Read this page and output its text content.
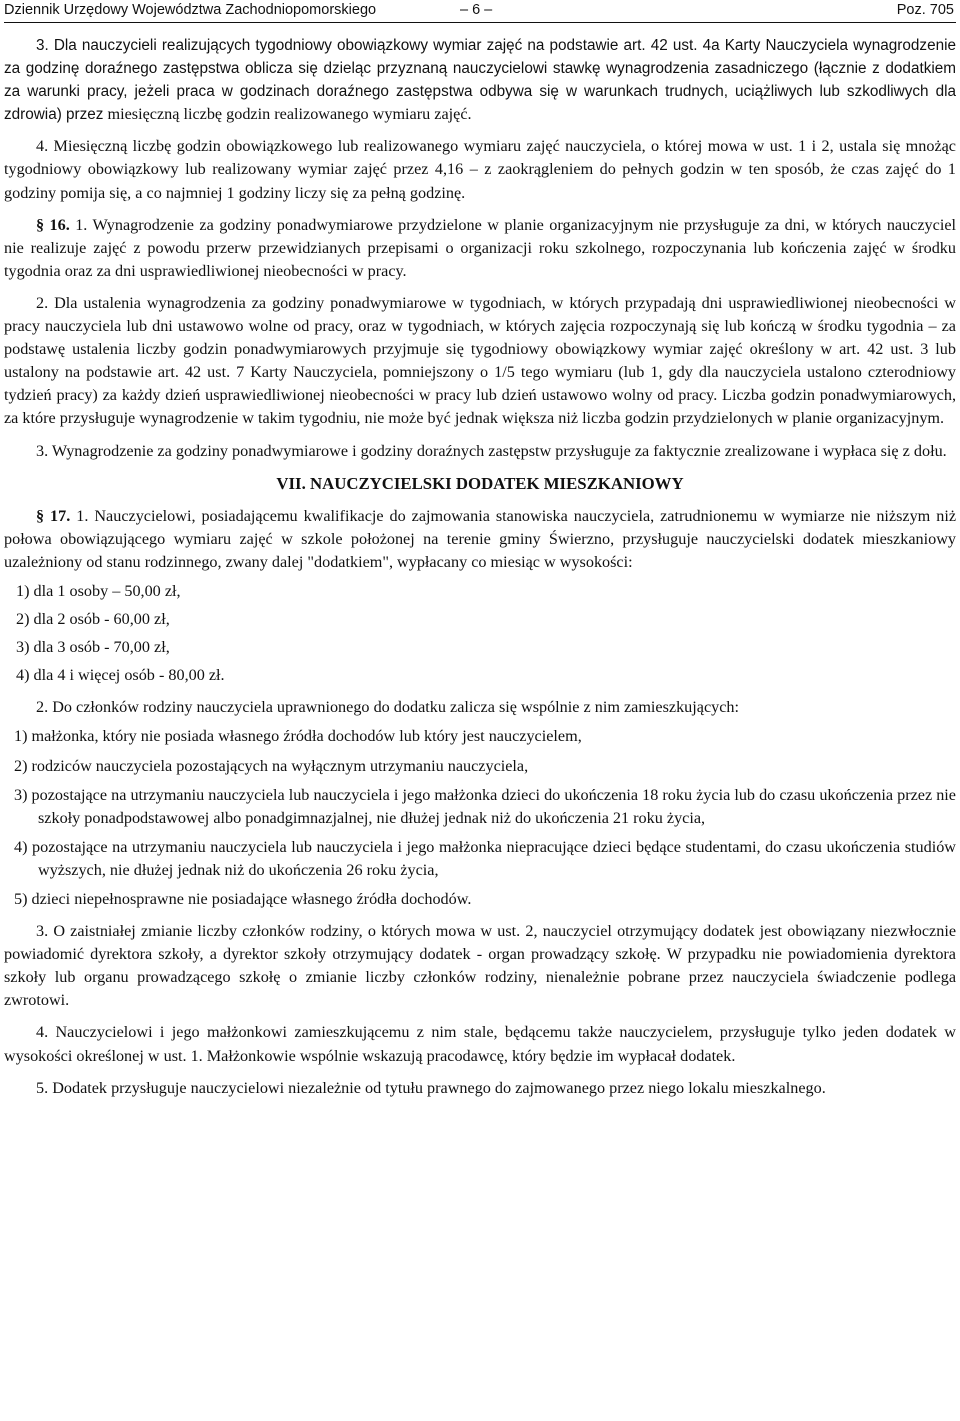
Dziennik Urzędowy Województwa Zachodniopomorskiego	– 6 –	Poz. 705

3. Dla nauczycieli realizujących tygodniowy obowiązkowy wymiar zajęć na podstawie art. 42 ust. 4a Karty Nauczyciela wynagrodzenie za godzinę doraźnego zastępstwa oblicza się dzieląc przyznaną nauczycielowi stawkę wynagrodzenia zasadniczego (łącznie z dodatkiem za warunki pracy, jeżeli praca w godzinach doraźnego zastępstwa odbywa się w warunkach trudnych, uciążliwych lub szkodliwych dla zdrowia) przez miesięczną liczbę godzin realizowanego wymiaru zajęć.

4. Miesięczną liczbę godzin obowiązkowego lub realizowanego wymiaru zajęć nauczyciela, o której mowa w ust. 1 i 2, ustala się mnożąc tygodniowy obowiązkowy lub realizowany wymiar zajęć przez 4,16 – z zaokrągleniem do pełnych godzin w ten sposób, że czas zajęć do 1 godziny pomija się, a co najmniej 1 godziny liczy się za pełną godzinę.

§ 16. 1. Wynagrodzenie za godziny ponadwymiarowe przydzielone w planie organizacyjnym nie przysługuje za dni, w których nauczyciel nie realizuje zajęć z powodu przerw przewidzianych przepisami o organizacji roku szkolnego, rozpoczynania lub kończenia zajęć w środku tygodnia oraz za dni usprawiedliwionej nieobecności w pracy.

2. Dla ustalenia wynagrodzenia za godziny ponadwymiarowe w tygodniach, w których przypadają dni usprawiedliwionej nieobecności w pracy nauczyciela lub dni ustawowo wolne od pracy, oraz w tygodniach, w których zajęcia rozpoczynają się lub kończą w środku tygodnia – za podstawę ustalenia liczby godzin ponadwymiarowych przyjmuje się tygodniowy obowiązkowy wymiar zajęć określony w art. 42 ust. 3 lub ustalony na podstawie art. 42 ust. 7 Karty Nauczyciela, pomniejszony o 1/5 tego wymiaru (lub 1, gdy dla nauczyciela ustalono czterodniowy tydzień pracy) za każdy dzień usprawiedliwionej nieobecności w pracy lub dzień ustawowo wolny od pracy. Liczba godzin ponadwymiarowych, za które przysługuje wynagrodzenie w takim tygodniu, nie może być jednak większa niż liczba godzin przydzielonych w planie organizacyjnym.

3. Wynagrodzenie za godziny ponadwymiarowe i godziny doraźnych zastępstw przysługuje za faktycznie zrealizowane i wypłaca się z dołu.

VII. NAUCZYCIELSKI DODATEK MIESZKANIOWY

§ 17. 1. Nauczycielowi, posiadającemu kwalifikacje do zajmowania stanowiska nauczyciela, zatrudnionemu w wymiarze nie niższym niż połowa obowiązującego wymiaru zajęć w szkole położonej na terenie gminy Świerzno, przysługuje nauczycielski dodatek mieszkaniowy uzależniony od stanu rodzinnego, zwany dalej "dodatkiem", wypłacany co miesiąc w wysokości:

1) dla 1 osoby – 50,00 zł,
2) dla 2 osób - 60,00 zł,
3) dla 3 osób - 70,00 zł,
4) dla 4 i więcej osób - 80,00 zł.

2. Do członków rodziny nauczyciela uprawnionego do dodatku zalicza się wspólnie z nim zamieszkujących:

1) małżonka, który nie posiada własnego źródła dochodów lub który jest nauczycielem,
2) rodziców nauczyciela pozostających na wyłącznym utrzymaniu nauczyciela,
3) pozostające na utrzymaniu nauczyciela lub nauczyciela i jego małżonka dzieci do ukończenia 18 roku życia lub do czasu ukończenia przez nie szkoły ponadpodstawowej albo ponadgimnazjalnej, nie dłużej jednak niż do ukończenia 21 roku życia,
4) pozostające na utrzymaniu nauczyciela lub nauczyciela i jego małżonka niepracujące dzieci będące studentami, do czasu ukończenia studiów wyższych, nie dłużej jednak niż do ukończenia 26 roku życia,
5) dzieci niepełnosprawne nie posiadające własnego źródła dochodów.

3. O zaistniałej zmianie liczby członków rodziny, o których mowa w ust. 2, nauczyciel otrzymujący dodatek jest obowiązany niezwłocznie powiadomić dyrektora szkoły, a dyrektor szkoły otrzymujący dodatek - organ prowadzący szkołę. W przypadku nie powiadomienia dyrektora szkoły lub organu prowadzącego szkołę o zmianie liczby członków rodziny, nienależnie pobrane przez nauczyciela świadczenie podlega zwrotowi.

4. Nauczycielowi i jego małżonkowi zamieszkującemu z nim stale, będącemu także nauczycielem, przysługuje tylko jeden dodatek w wysokości określonej w ust. 1. Małżonkowie wspólnie wskazują pracodawcę, który będzie im wypłacał dodatek.

5. Dodatek przysługuje nauczycielowi niezależnie od tytułu prawnego do zajmowanego przez niego lokalu mieszkalnego.
